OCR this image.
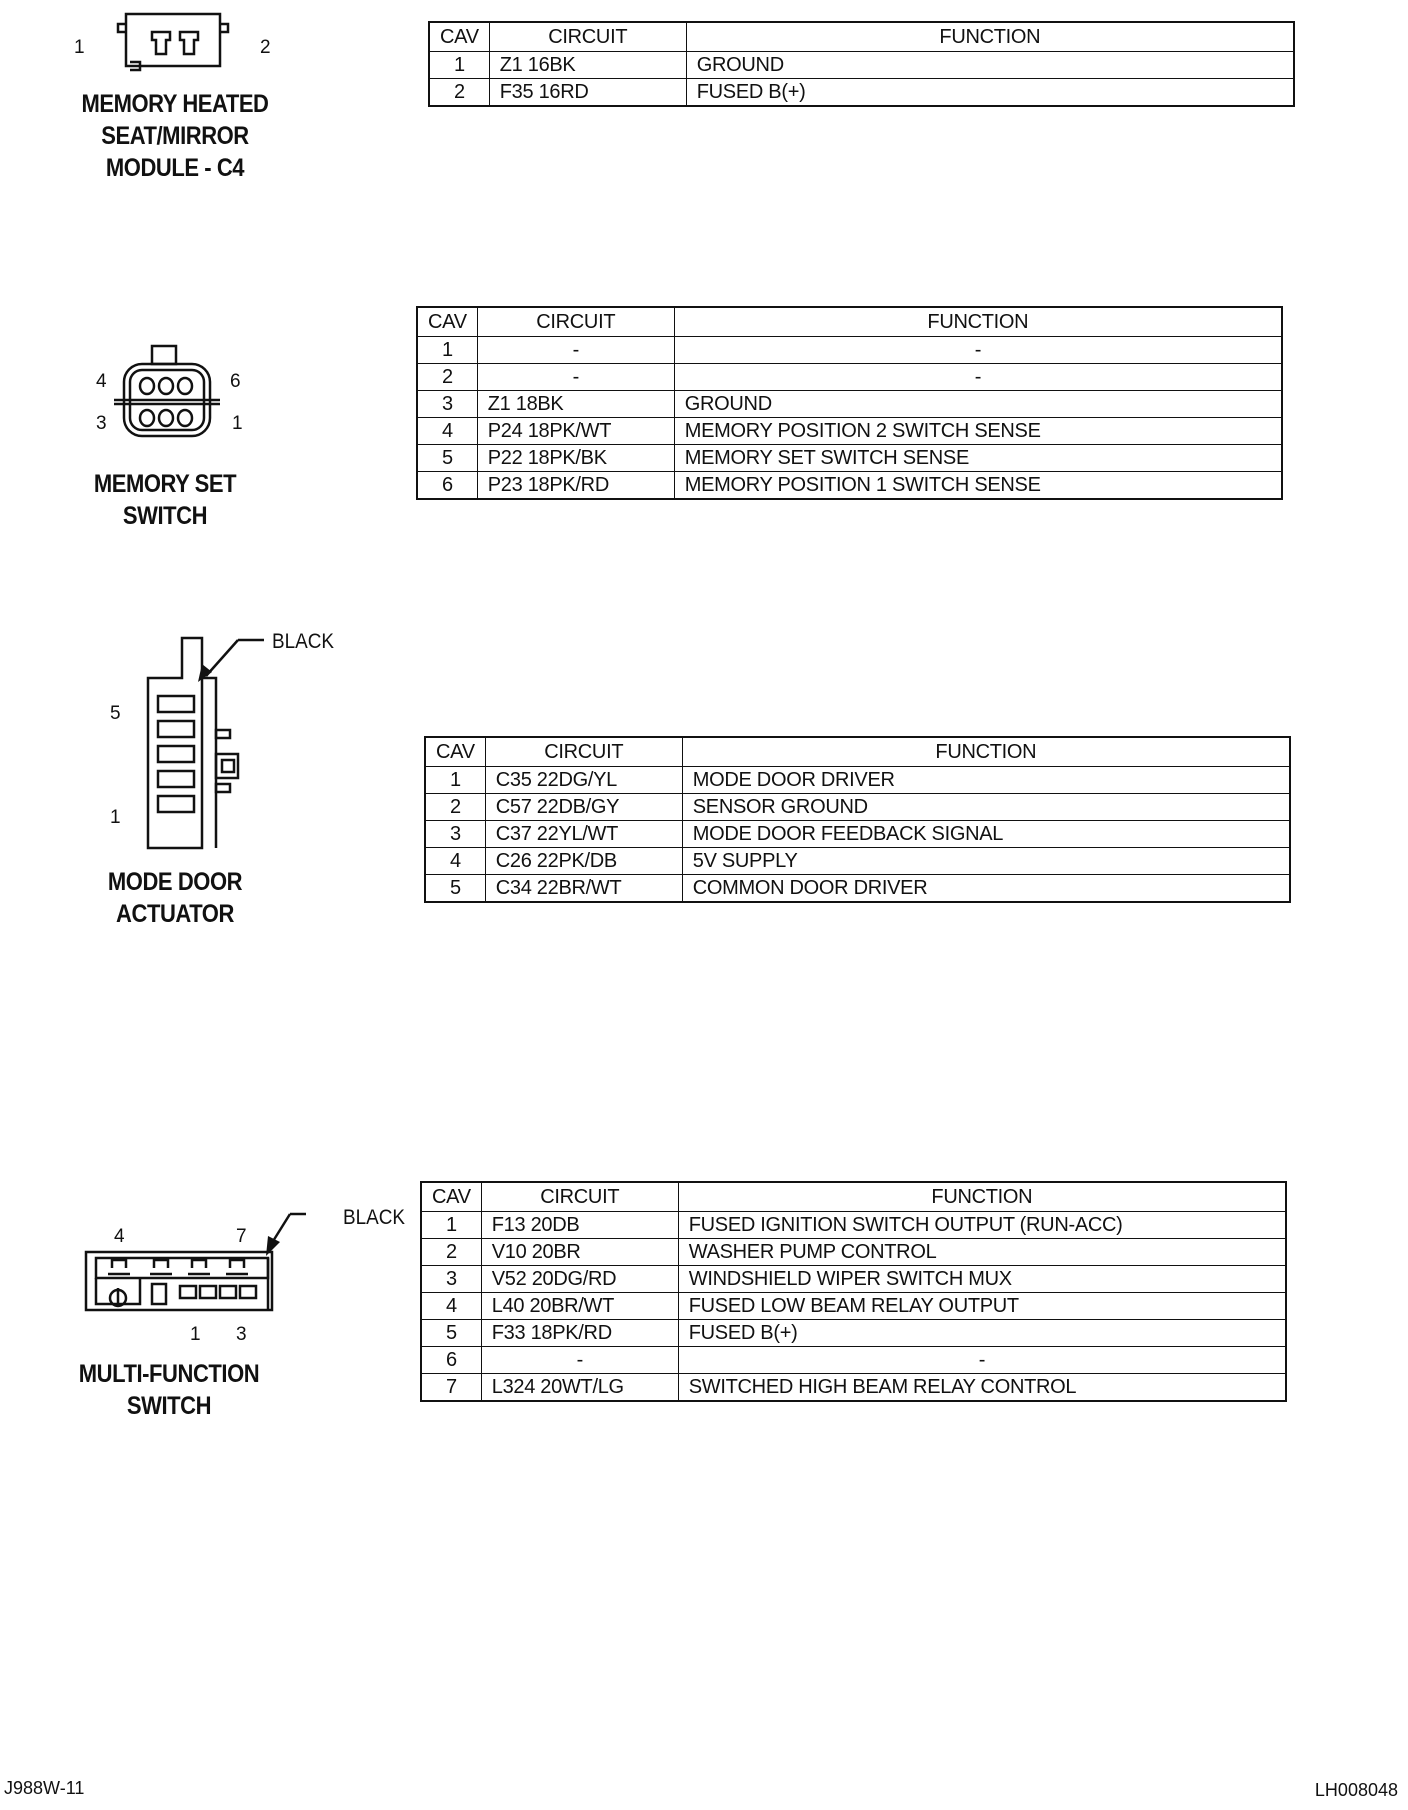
1	2
MEMORY HEATED
SEAT/MIRROR
MODULE - C4
CAV	CIRCUIT	FUNCTION
1	Z1 16BK	GROUND
2	F35 16RD	FUSED B(+)
4	6
3	1
MEMORY SET
SWITCH
CAV	CIRCUIT	FUNCTION
1	-	-
2	-	-
3	Z1 18BK	GROUND
4	P24 18PK/WT	MEMORY POSITION 2 SWITCH SENSE
5	P22 18PK/BK	MEMORY SET SWITCH SENSE
6	P23 18PK/RD	MEMORY POSITION 1 SWITCH SENSE
BLACK
5
1
MODE DOOR
ACTUATOR
CAV	CIRCUIT	FUNCTION
1	C35 22DG/YL	MODE DOOR DRIVER
2	C57 22DB/GY	SENSOR GROUND
3	C37 22YL/WT	MODE DOOR FEEDBACK SIGNAL
4	C26 22PK/DB	5V SUPPLY
5	C34 22BR/WT	COMMON DOOR DRIVER
BLACK
4	7
1 3
MULTI-FUNCTION
SWITCH
CAV	CIRCUIT	FUNCTION
1	F13 20DB	FUSED IGNITION SWITCH OUTPUT (RUN-ACC)
2	V10 20BR	WASHER PUMP CONTROL
3	V52 20DG/RD	WINDSHIELD WIPER SWITCH MUX
4	L40 20BR/WT	FUSED LOW BEAM RELAY OUTPUT
5	F33 18PK/RD	FUSED B(+)
6	-	-
7	L324 20WT/LG	SWITCHED HIGH BEAM RELAY CONTROL
J988W-11	LH008048
